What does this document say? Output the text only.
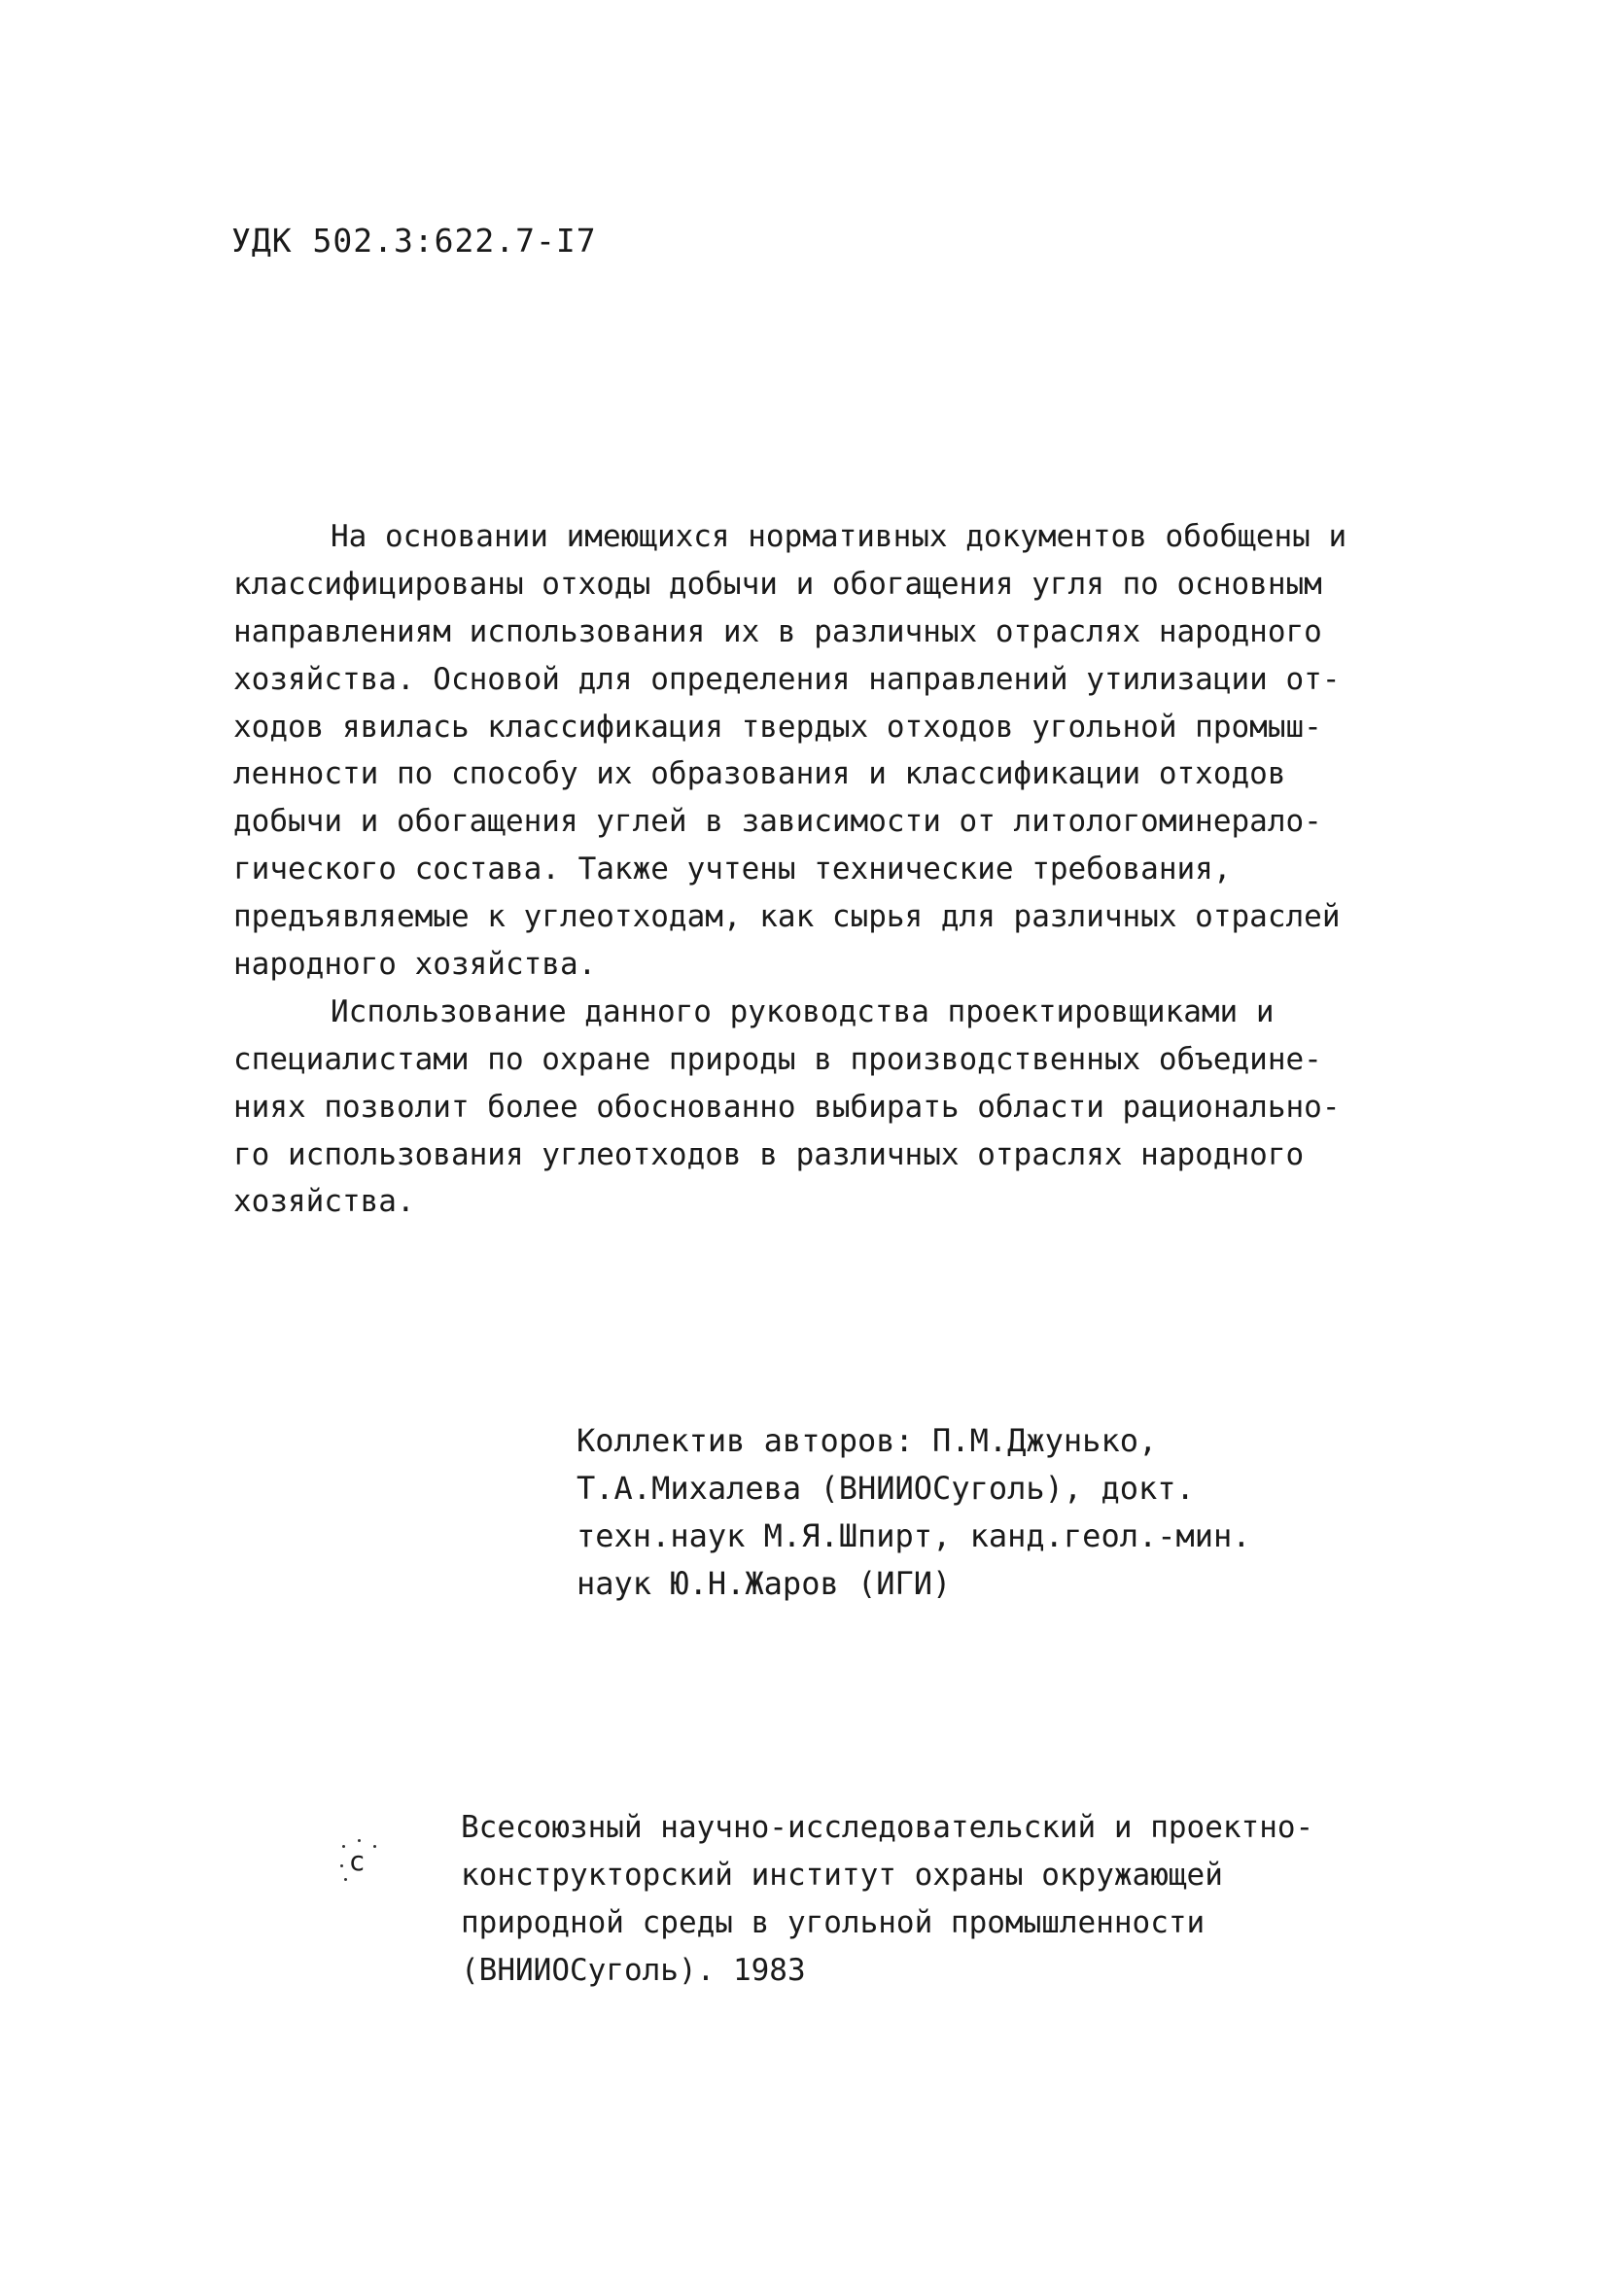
УДК 502.3:622.7-І7
На основании имеющихся нормативных документов обобщены и
классифицированы отходы добычи и обогащения угля по основным
направлениям использования их в различных отраслях народного
хозяйства. Основой для определения направлений утилизации от-
ходов явилась классификация твердых отходов угольной промыш-
ленности по способу их образования и классификации отходов
добычи и обогащения углей в зависимости от литологоминерало-
гического состава. Также учтены технические требования,
предъявляемые к углеотходам, как сырья для различных отраслей
народного хозяйства.
Использование данного руководства проектировщиками и
специалистами по охране природы в производственных объедине-
ниях позволит более обоснованно выбирать области рационально-
го использования углеотходов в различных отраслях народного
хозяйства.
Коллектив авторов: П.М.Джунько,
Т.А.Михалева (ВНИИОСуголь), докт.
техн.наук М.Я.Шпирт, канд.геол.-мин.
наук Ю.Н.Жаров (ИГИ)
c
Всесоюзный научно-исследовательский и проектно-
конструкторский институт охраны окружающей
природной среды в угольной промышленности
(ВНИИОСуголь). 1983
